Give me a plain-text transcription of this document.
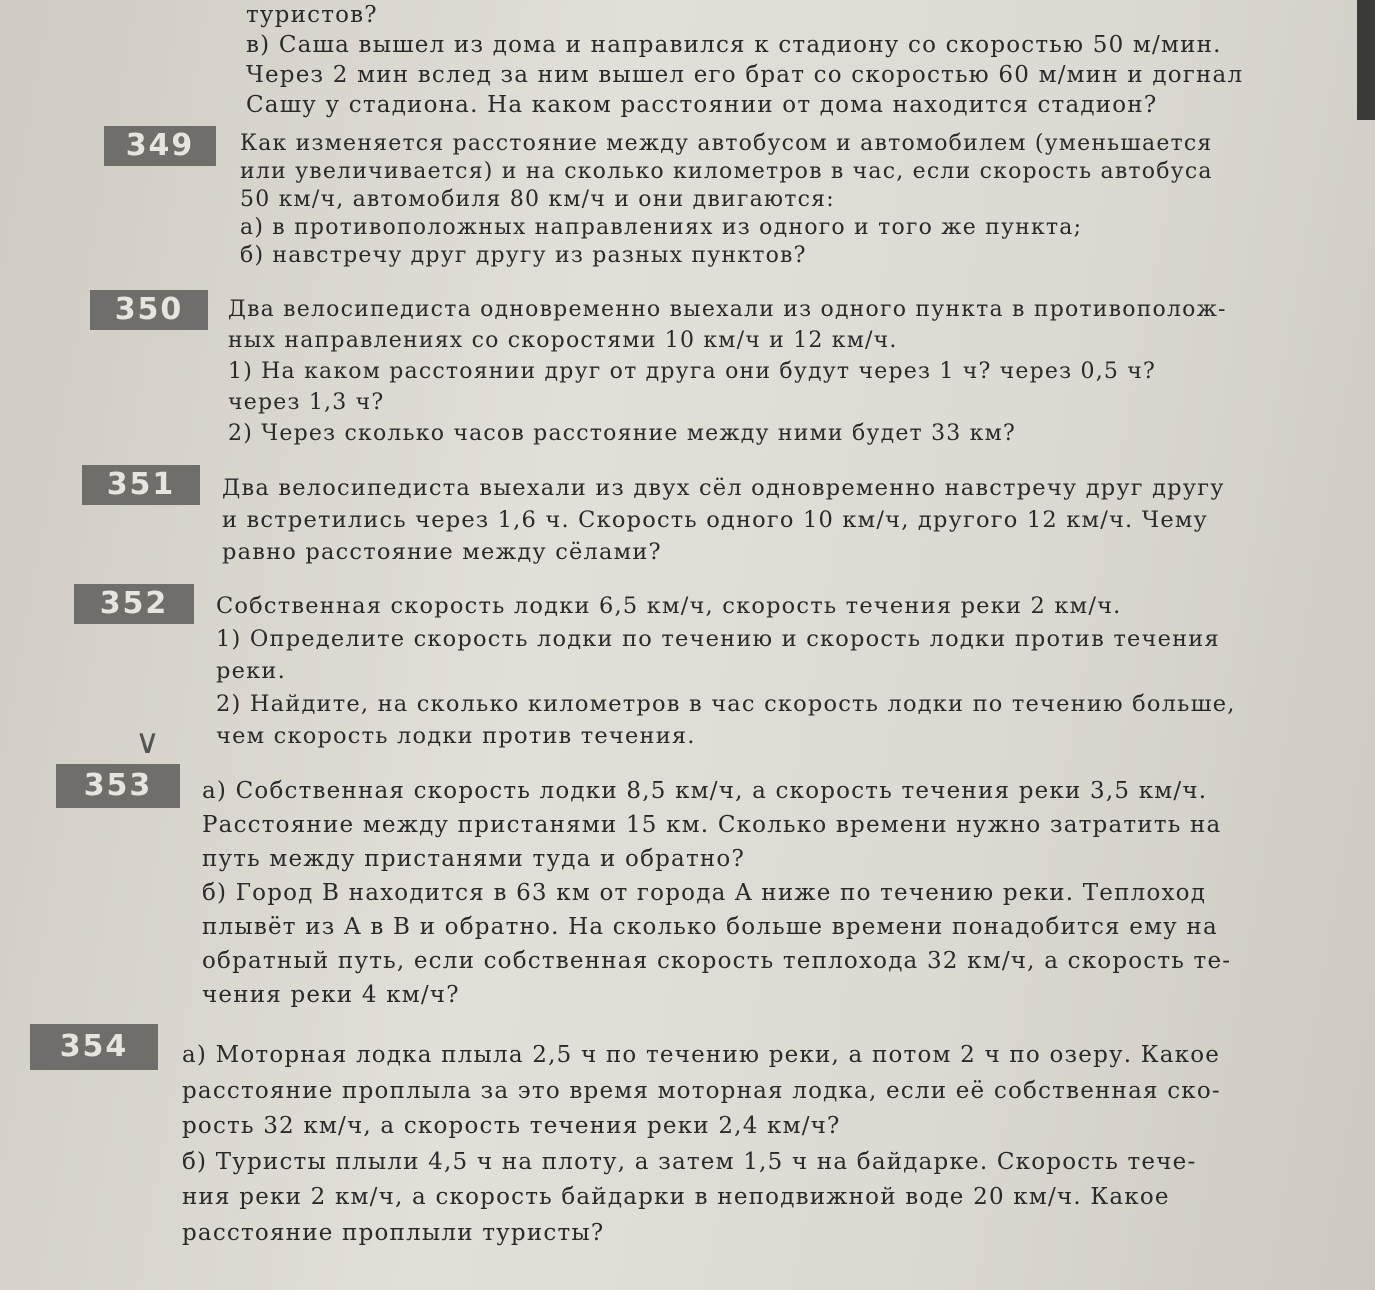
туристов?
в) Саша вышел из дома и направился к стадиону со скоростью 50 м/мин.
Через 2 мин вслед за ним вышел его брат со скоростью 60 м/мин и догнал
Сашу у стадиона. На каком расстоянии от дома находится стадион?
349	Как изменяется расстояние между автобусом и автомобилем (уменьшается
или увеличивается) и на сколько километров в час, если скорость автобуса
50 км/ч, автомобиля 80 км/ч и они двигаются:
а) в противоположных направлениях из одного и того же пункта;
б) навстречу друг другу из разных пунктов?
350	Два велосипедиста одновременно выехали из одного пункта в противополож-
ных направлениях со скоростями 10 км/ч и 12 км/ч.
1) На каком расстоянии друг от друга они будут через 1 ч? через 0,5 ч?
через 1,3 ч?
2) Через сколько часов расстояние между ними будет 33 км?
351	Два велосипедиста выехали из двух сёл одновременно навстречу друг другу
и встретились через 1,6 ч. Скорость одного 10 км/ч, другого 12 км/ч. Чему
равно расстояние между сёлами?
352	Собственная скорость лодки 6,5 км/ч, скорость течения реки 2 км/ч.
1) Определите скорость лодки по течению и скорость лодки против течения
реки.
2) Найдите, на сколько километров в час скорость лодки по течению больше,
чем скорость лодки против течения.
∨
353	а) Собственная скорость лодки 8,5 км/ч, а скорость течения реки 3,5 км/ч.
Расстояние между пристанями 15 км. Сколько времени нужно затратить на
путь между пристанями туда и обратно?
б) Город B находится в 63 км от города A ниже по течению реки. Теплоход
плывёт из A в B и обратно. На сколько больше времени понадобится ему на
обратный путь, если собственная скорость теплохода 32 км/ч, а скорость те-
чения реки 4 км/ч?
354	а) Моторная лодка плыла 2,5 ч по течению реки, а потом 2 ч по озеру. Какое
расстояние проплыла за это время моторная лодка, если её собственная ско-
рость 32 км/ч, а скорость течения реки 2,4 км/ч?
б) Туристы плыли 4,5 ч на плоту, а затем 1,5 ч на байдарке. Скорость тече-
ния реки 2 км/ч, а скорость байдарки в неподвижной воде 20 км/ч. Какое
расстояние проплыли туристы?
